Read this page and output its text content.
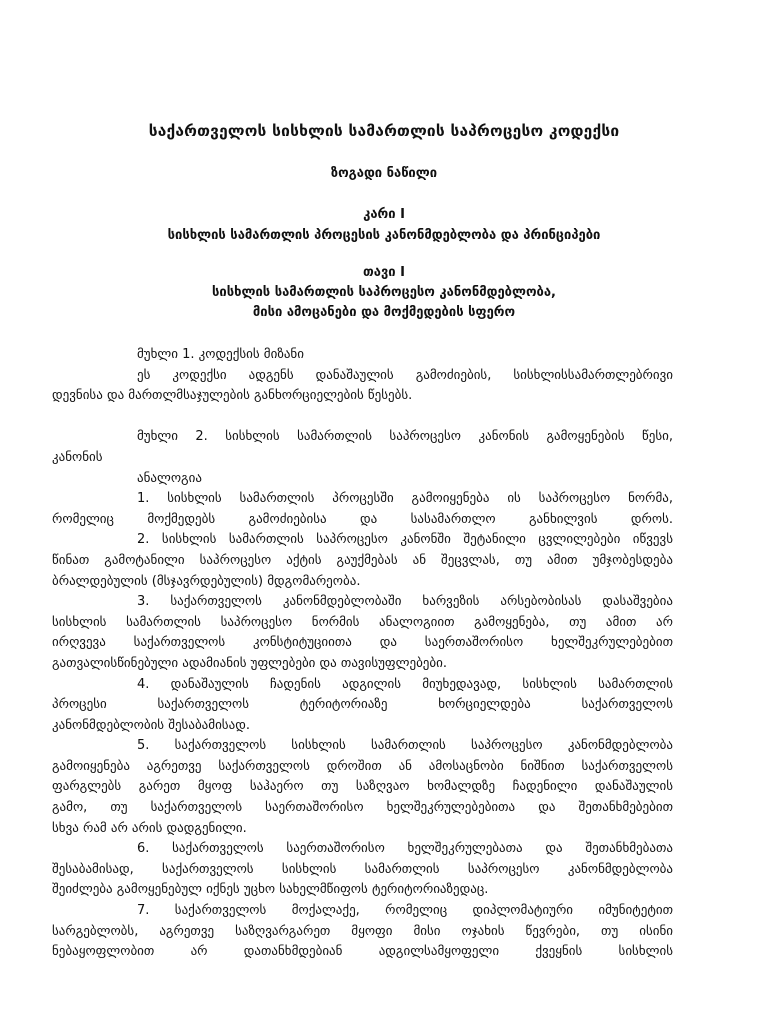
საქართველოს სისხლის სამართლის საპროცესო კოდექსი
ზოგადი ნაწილი
კარი I
სისხლის სამართლის პროცესის კანონმდებლობა და პრინციპები
თავი I
სისხლის სამართლის საპროცესო კანონმდებლობა,
მისი ამოცანები და მოქმედების სფერო
მუხლი 1. კოდექსის მიზანი
ეს კოდექსი ადგენს დანაშაულის გამოძიების, სისხლისსამართლებრივი
დევნისა და მართლმსაჯულების განხორციელების წესებს.
მუხლი 2. სისხლის სამართლის საპროცესო კანონის გამოყენების წესი,
კანონის
ანალოგია
1. სისხლის სამართლის პროცესში გამოიყენება ის საპროცესო ნორმა,
რომელიც მოქმედებს გამოძიებისა და სასამართლო განხილვის დროს.
2. სისხლის სამართლის საპროცესო კანონში შეტანილი ცვლილებები იწვევს
წინათ გამოტანილი საპროცესო აქტის გაუქმებას ან შეცვლას, თუ ამით უმჯობესდება
ბრალდებულის (მსჯავრდებულის) მდგომარეობა.
3. საქართველოს კანონმდებლობაში ხარვეზის არსებობისას დასაშვებია
სისხლის სამართლის საპროცესო ნორმის ანალოგიით გამოყენება, თუ ამით არ
ირღვევა საქართველოს კონსტიტუციითა და საერთაშორისო ხელშეკრულებებით
გათვალისწინებული ადამიანის უფლებები და თავისუფლებები.
4. დანაშაულის ჩადენის ადგილის მიუხედავად, სისხლის სამართლის
პროცესი საქართველოს ტერიტორიაზე ხორციელდება საქართველოს
კანონმდებლობის შესაბამისად.
5. საქართველოს სისხლის სამართლის საპროცესო კანონმდებლობა
გამოიყენება აგრეთვე საქართველოს დროშით ან ამოსაცნობი ნიშნით საქართველოს
ფარგლებს გარეთ მყოფ საჰაერო თუ საზღვაო ხომალდზე ჩადენილი დანაშაულის
გამო, თუ საქართველოს საერთაშორისო ხელშეკრულებებითა და შეთანხმებებით
სხვა რამ არ არის დადგენილი.
6. საქართველოს საერთაშორისო ხელშეკრულებათა და შეთანხმებათა
შესაბამისად, საქართველოს სისხლის სამართლის საპროცესო კანონმდებლობა
შეიძლება გამოყენებულ იქნეს უცხო სახელმწიფოს ტერიტორიაზედაც.
7. საქართველოს მოქალაქე, რომელიც დიპლომატიური იმუნიტეტით
სარგებლობს, აგრეთვე საზღვარგარეთ მყოფი მისი ოჯახის წევრები, თუ ისინი
ნებაყოფლობით არ დათანხმდებიან ადგილსამყოფელი ქვეყნის სისხლის
